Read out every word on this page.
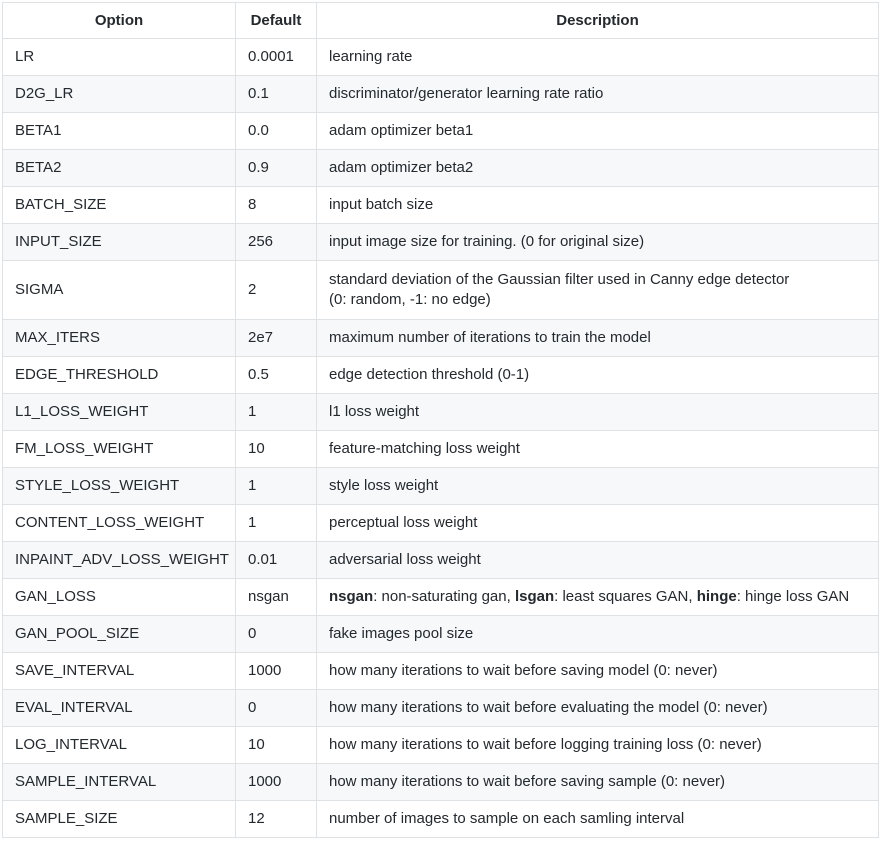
Option	Default	Description
LR	0.0001	learning rate
D2G_LR	0.1	discriminator/generator learning rate ratio
BETA1	0.0	adam optimizer beta1
BETA2	0.9	adam optimizer beta2
BATCH_SIZE	8	input batch size
INPUT_SIZE	256	input image size for training. (0 for original size)
SIGMA	2	standard deviation of the Gaussian filter used in Canny edge detector
(0: random, -1: no edge)

MAX_ITERS	2e7	maximum number of iterations to train the model
EDGE_THRESHOLD	0.5	edge detection threshold (0-1)
L1_LOSS_WEIGHT	1	l1 loss weight
FM_LOSS_WEIGHT	10	feature-matching loss weight
STYLE_LOSS_WEIGHT	1	style loss weight
CONTENT_LOSS_WEIGHT	1	perceptual loss weight
INPAINT_ADV_LOSS_WEIGHT	0.01	adversarial loss weight
GAN_LOSS	nsgan	nsgan: non-saturating gan, lsgan: least squares GAN, hinge: hinge loss GAN
GAN_POOL_SIZE	0	fake images pool size
SAVE_INTERVAL	1000	how many iterations to wait before saving model (0: never)
EVAL_INTERVAL	0	how many iterations to wait before evaluating the model (0: never)
LOG_INTERVAL	10	how many iterations to wait before logging training loss (0: never)
SAMPLE_INTERVAL	1000	how many iterations to wait before saving sample (0: never)
SAMPLE_SIZE	12	number of images to sample on each samling interval
